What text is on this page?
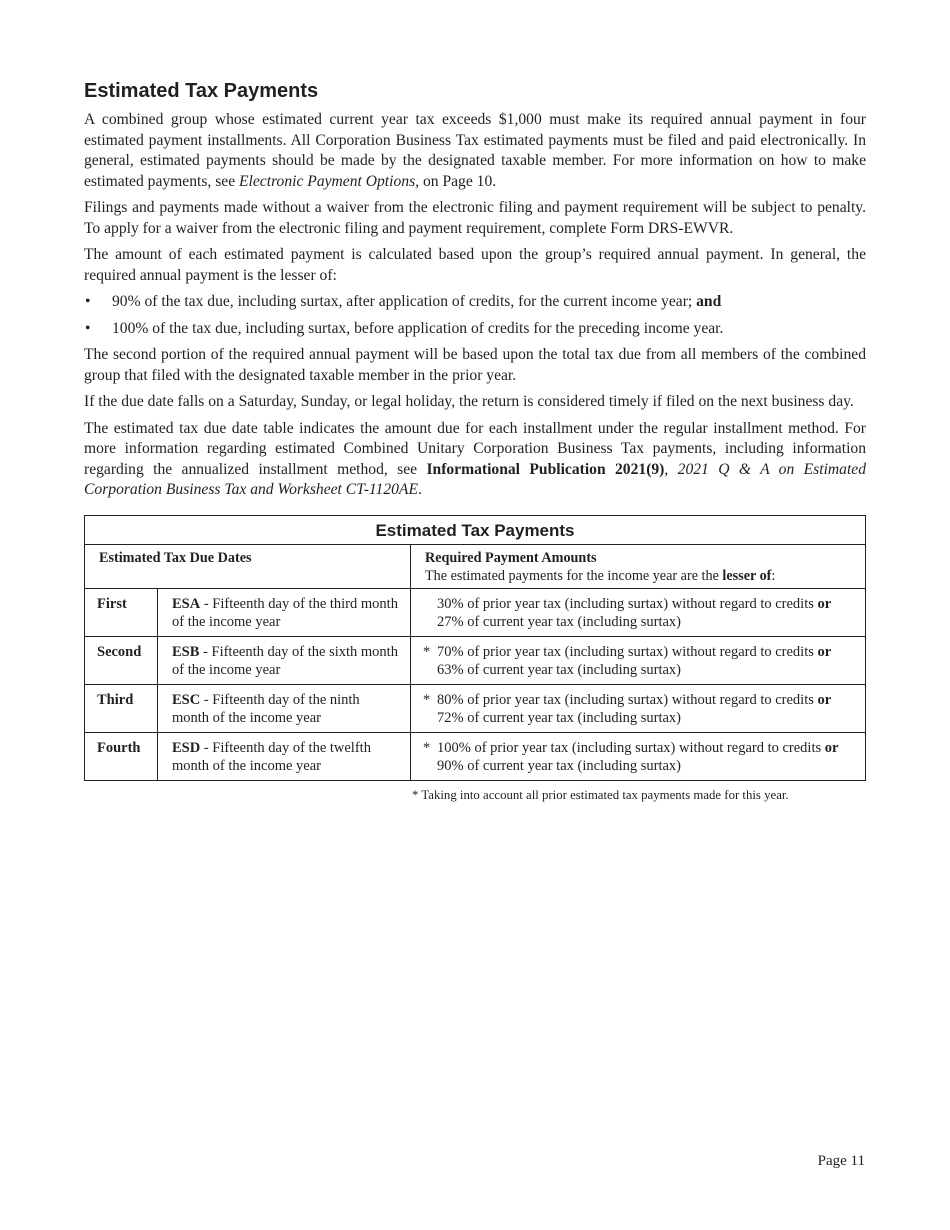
Estimated Tax Payments

A combined group whose estimated current year tax exceeds $1,000 must make its required annual payment in four estimated payment installments. All Corporation Business Tax estimated payments must be filed and paid electronically. In general, estimated payments should be made by the designated taxable member. For more information on how to make estimated payments, see Electronic Payment Options, on Page 10.

Filings and payments made without a waiver from the electronic filing and payment requirement will be subject to penalty. To apply for a waiver from the electronic filing and payment requirement, complete Form DRS-EWVR.

The amount of each estimated payment is calculated based upon the group’s required annual payment. In general, the required annual payment is the lesser of:

• 90% of the tax due, including surtax, after application of credits, for the current income year; and
• 100% of the tax due, including surtax, before application of credits for the preceding income year.

The second portion of the required annual payment will be based upon the total tax due from all members of the combined group that filed with the designated taxable member in the prior year.

If the due date falls on a Saturday, Sunday, or legal holiday, the return is considered timely if filed on the next business day.

The estimated tax due date table indicates the amount due for each installment under the regular installment method. For more information regarding estimated Combined Unitary Corporation Business Tax payments, including information regarding the annualized installment method, see Informational Publication 2021(9), 2021 Q & A on Estimated Corporation Business Tax and Worksheet CT-1120AE.

Estimated Tax Payments		
Estimated Tax Due Dates		Required Payment Amounts
The estimated payments for the income year are the lesser of:
First	ESA - Fifteenth day of the third month of the income year	30% of prior year tax (including surtax) without regard to credits or
27% of current year tax (including surtax)
Second	ESB - Fifteenth day of the sixth month of the income year	* 70% of prior year tax (including surtax) without regard to credits or
63% of current year tax (including surtax)
Third	ESC - Fifteenth day of the ninth month of the income year	* 80% of prior year tax (including surtax) without regard to credits or
72% of current year tax (including surtax)
Fourth	ESD - Fifteenth day of the twelfth month of the income year	* 100% of prior year tax (including surtax) without regard to credits or
90% of current year tax (including surtax)
* Taking into account all prior estimated tax payments made for this year.
Page 11
